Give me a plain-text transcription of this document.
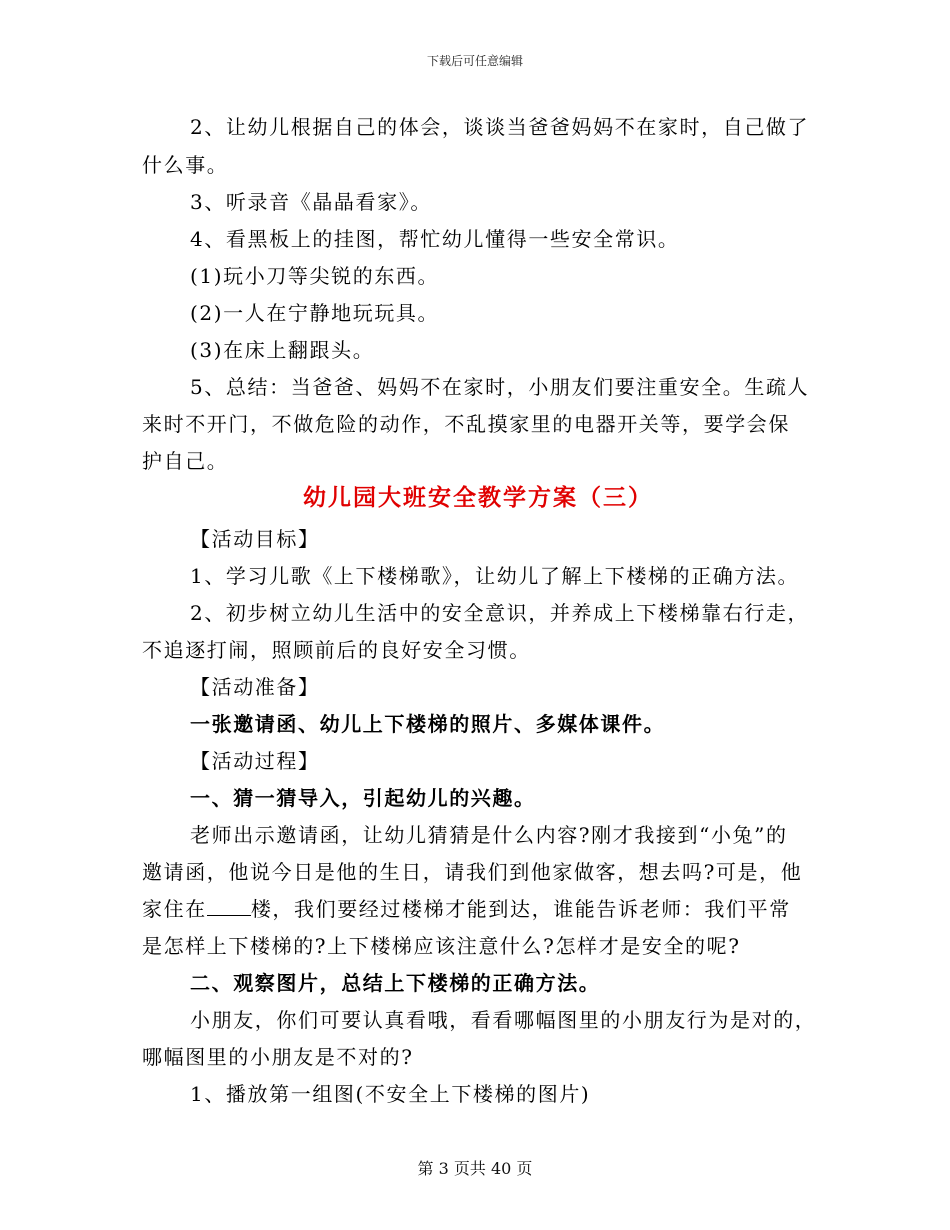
下载后可任意编辑
2、让幼儿根据自己的体会，谈谈当爸爸妈妈不在家时，自己做了
什么事。
3、听录音《晶晶看家》。
4、看黑板上的挂图，帮忙幼儿懂得一些安全常识。
(1)玩小刀等尖锐的东西。
(2)一人在宁静地玩玩具。
(3)在床上翻跟头。
5、总结：当爸爸、妈妈不在家时，小朋友们要注重安全。生疏人
来时不开门，不做危险的动作，不乱摸家里的电器开关等，要学会保
护自己。
幼儿园大班安全教学方案（三）
【活动目标】
1、学习儿歌《上下楼梯歌》，让幼儿了解上下楼梯的正确方法。
2、初步树立幼儿生活中的安全意识，并养成上下楼梯靠右行走，
不追逐打闹，照顾前后的良好安全习惯。
【活动准备】
一张邀请函、幼儿上下楼梯的照片、多媒体课件。
【活动过程】
一、猜一猜导入，引起幼儿的兴趣。
老师出示邀请函，让幼儿猜猜是什么内容?刚才我接到“小兔”的
邀请函，他说今日是他的生日，请我们到他家做客，想去吗?可是，他
家住在 楼，我们要经过楼梯才能到达，谁能告诉老师：我们平常
是怎样上下楼梯的?上下楼梯应该注意什么?怎样才是安全的呢?
二、观察图片，总结上下楼梯的正确方法。
小朋友，你们可要认真看哦，看看哪幅图里的小朋友行为是对的，
哪幅图里的小朋友是不对的?
1、播放第一组图(不安全上下楼梯的图片)
第 3 页共 40 页
